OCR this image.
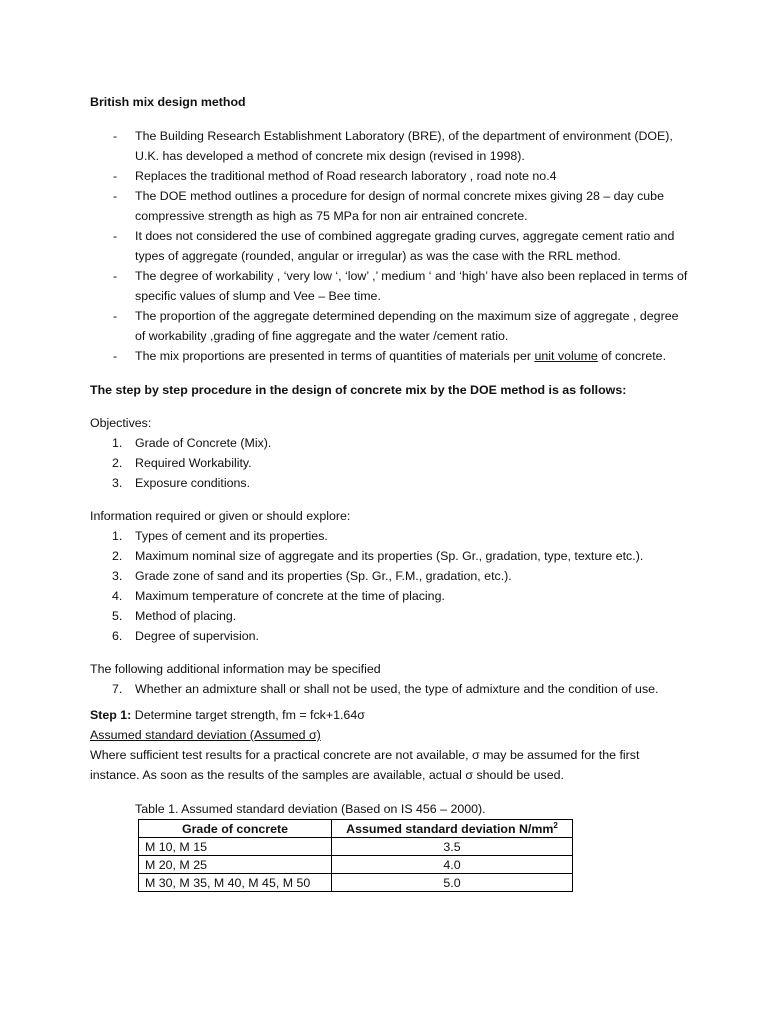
British mix design method

- The Building Research Establishment Laboratory (BRE), of the department of environment (DOE), U.K. has developed a method of concrete mix design (revised in 1998).
- Replaces the traditional method of Road research laboratory , road note no.4
- The DOE method outlines a procedure for design of normal concrete mixes giving 28 – day cube compressive strength as high as 75 MPa for non air entrained concrete.
- It does not considered the use of combined aggregate grading curves, aggregate cement ratio and types of aggregate (rounded, angular or irregular) as was the case with the RRL method.
- The degree of workability , ‘very low ‘, ‘low’ ,’ medium ‘ and ‘high’ have also been replaced in terms of specific values of slump and Vee – Bee time.
- The proportion of the aggregate determined depending on the maximum size of aggregate , degree of workability ,grading of fine aggregate and the water /cement ratio.
- The mix proportions are presented in terms of quantities of materials per unit volume of concrete.

The step by step procedure in the design of concrete mix by the DOE method is as follows:

Objectives:

1. Grade of Concrete (Mix).
2. Required Workability.
3. Exposure conditions.

Information required or given or should explore:

1. Types of cement and its properties.
2. Maximum nominal size of aggregate and its properties (Sp. Gr., gradation, type, texture etc.).
3. Grade zone of sand and its properties (Sp. Gr., F.M., gradation, etc.).
4. Maximum temperature of concrete at the time of placing.
5. Method of placing.
6. Degree of supervision.

The following additional information may be specified

7. Whether an admixture shall or shall not be used, the type of admixture and the condition of use.

Step 1: Determine target strength, fm = fck+1.64σ

Assumed standard deviation (Assumed σ)

Where sufficient test results for a practical concrete are not available, σ may be assumed for the first instance. As soon as the results of the samples are available, actual σ should be used.

Table 1. Assumed standard deviation (Based on IS 456 – 2000).

Grade of concrete	Assumed standard deviation $N/mm^2$
M 10, M 15	3.5
M 20, M 25	4.0
M 30, M 35, M 40, M 45, M 50	5.0
